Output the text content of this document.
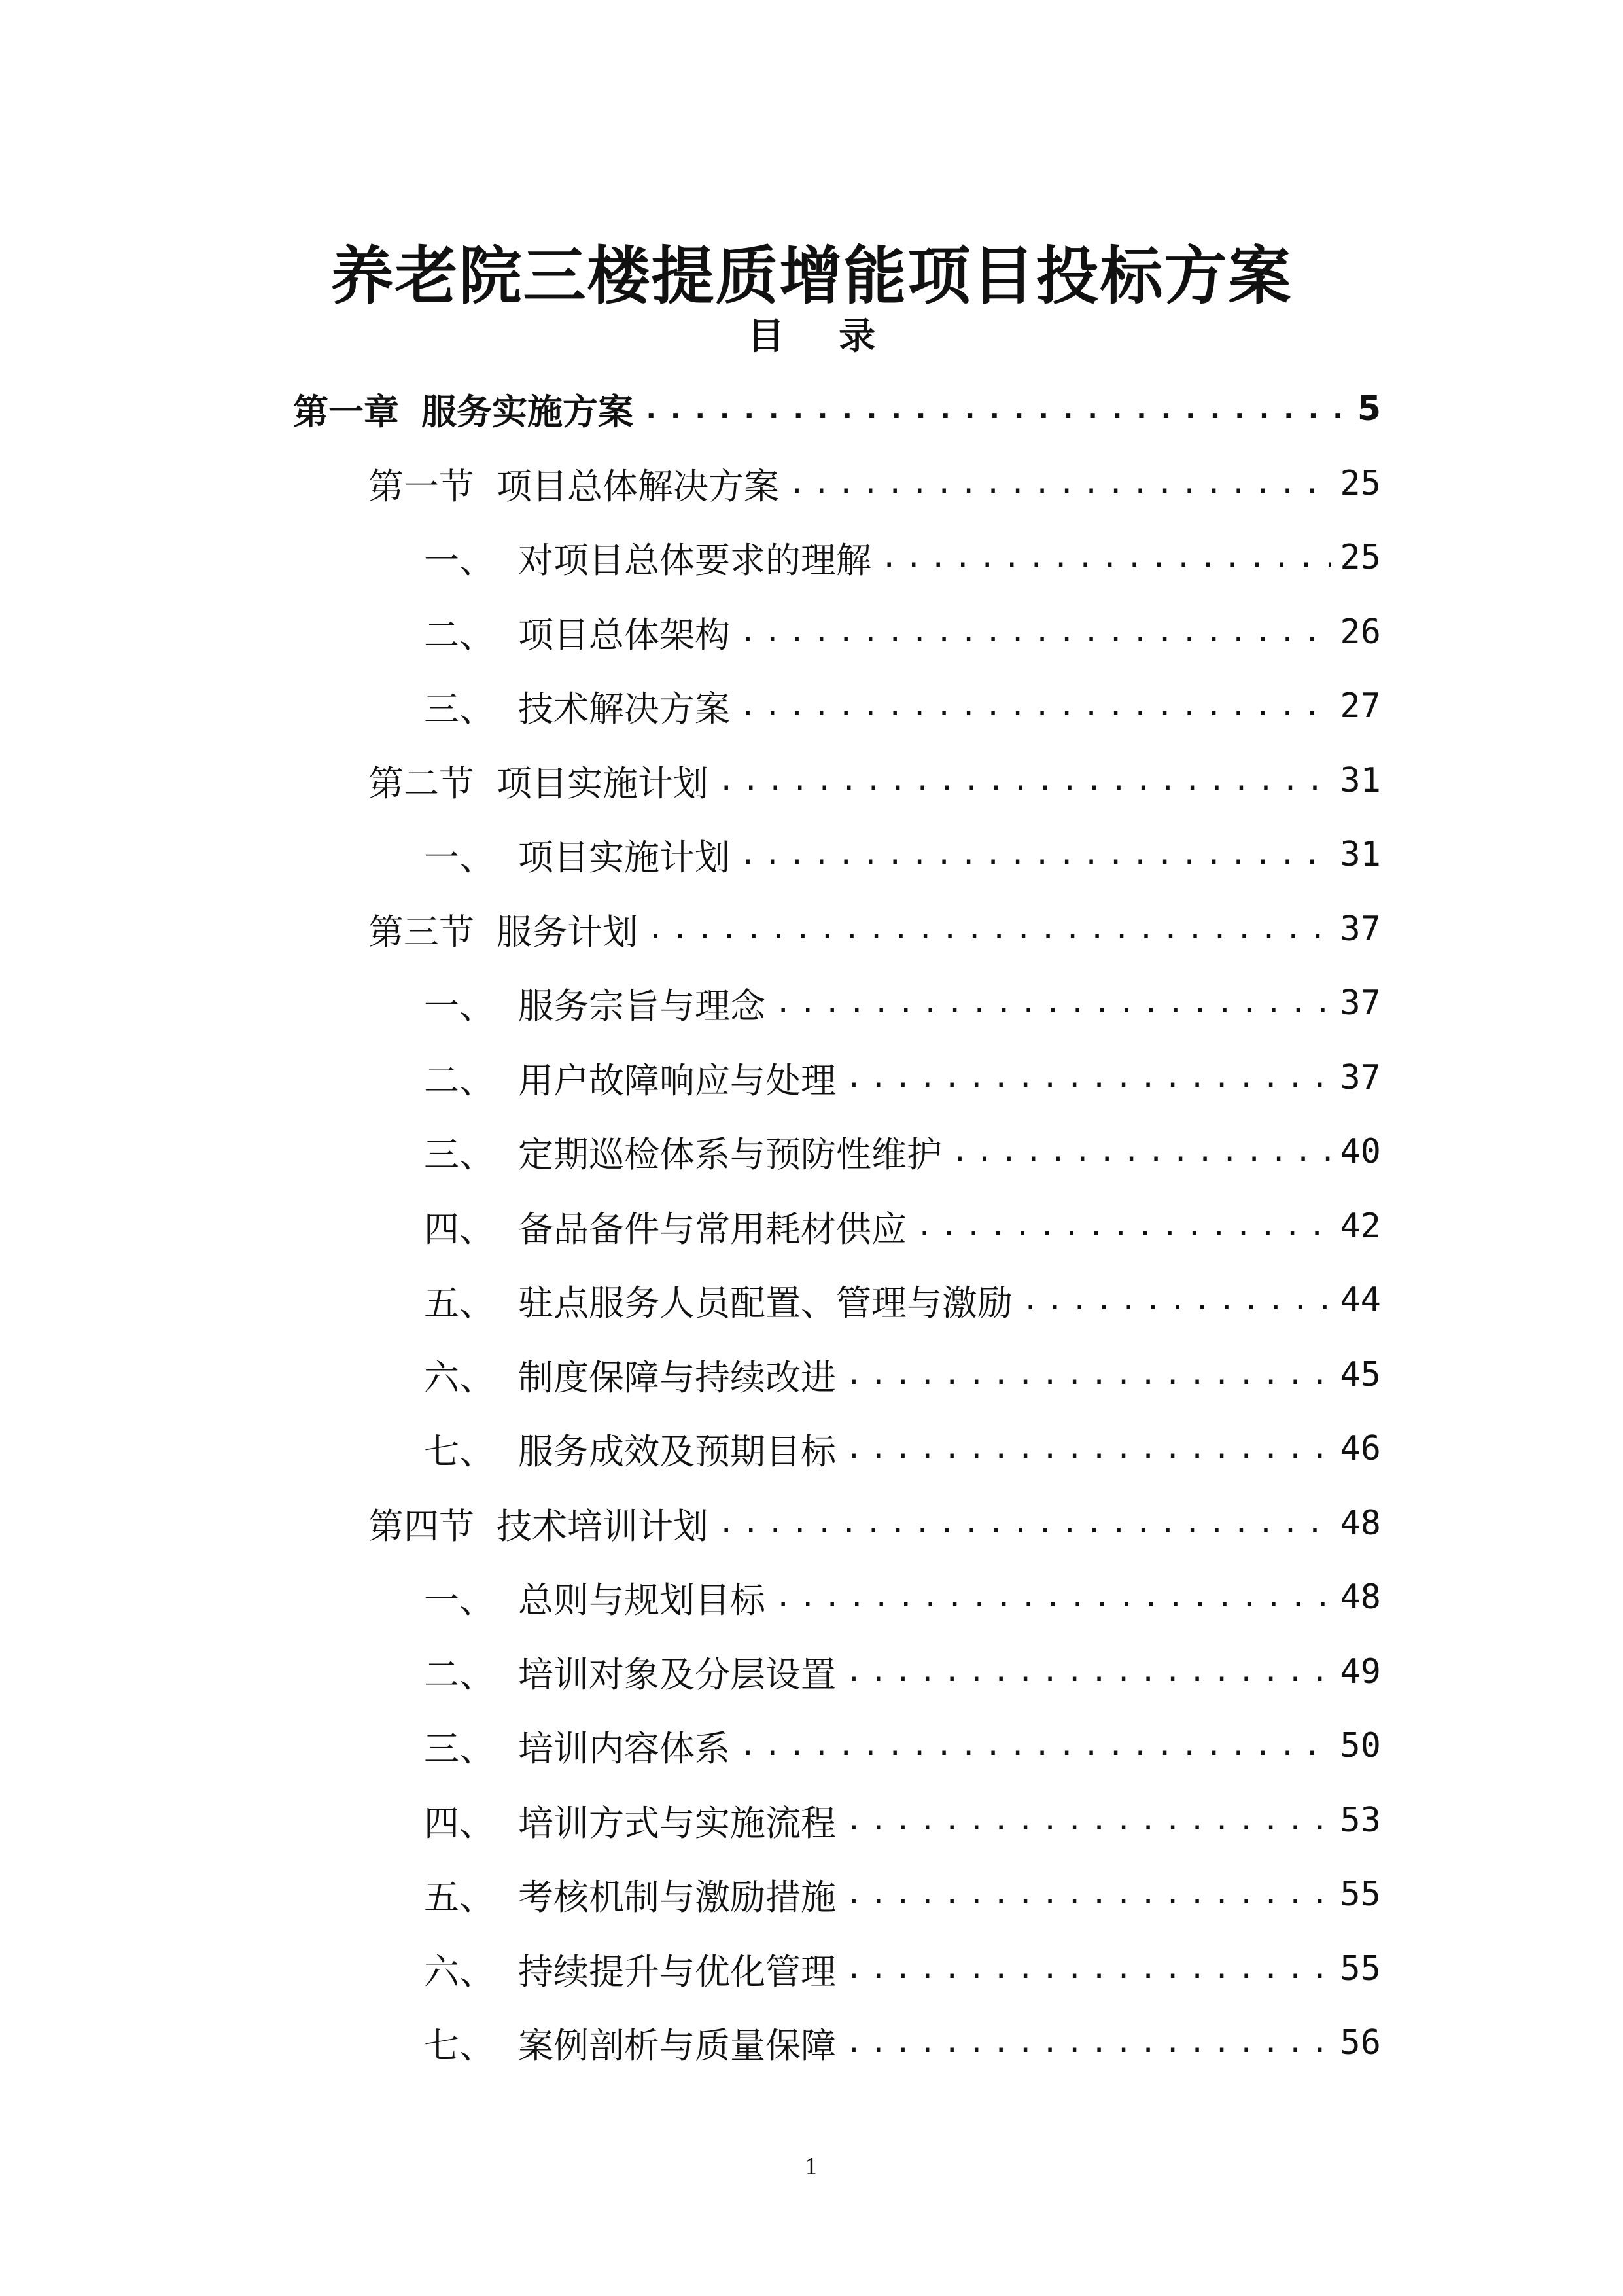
养老院三楼提质增能项目投标方案
目 录
第一章 服务实施方案 .....	5
第一节 项目总体解决方案 .....	25
一、 对项目总体要求的理解 .....	25
二、 项目总体架构 .....	26
三、 技术解决方案 .....	27
第二节 项目实施计划 .....	31
一、 项目实施计划 .....	31
第三节 服务计划 .....	37
一、 服务宗旨与理念 .....	37
二、 用户故障响应与处理 .....	37
三、 定期巡检体系与预防性维护 .....	40
四、 备品备件与常用耗材供应 .....	42
五、 驻点服务人员配置、管理与激励 .....	44
六、 制度保障与持续改进 .....	45
七、 服务成效及预期目标 .....	46
第四节 技术培训计划 .....	48
一、 总则与规划目标 .....	48
二、 培训对象及分层设置 .....	49
三、 培训内容体系 .....	50
四、 培训方式与实施流程 .....	53
五、 考核机制与激励措施 .....	55
六、 持续提升与优化管理 .....	55
七、 案例剖析与质量保障 .....	56
1
